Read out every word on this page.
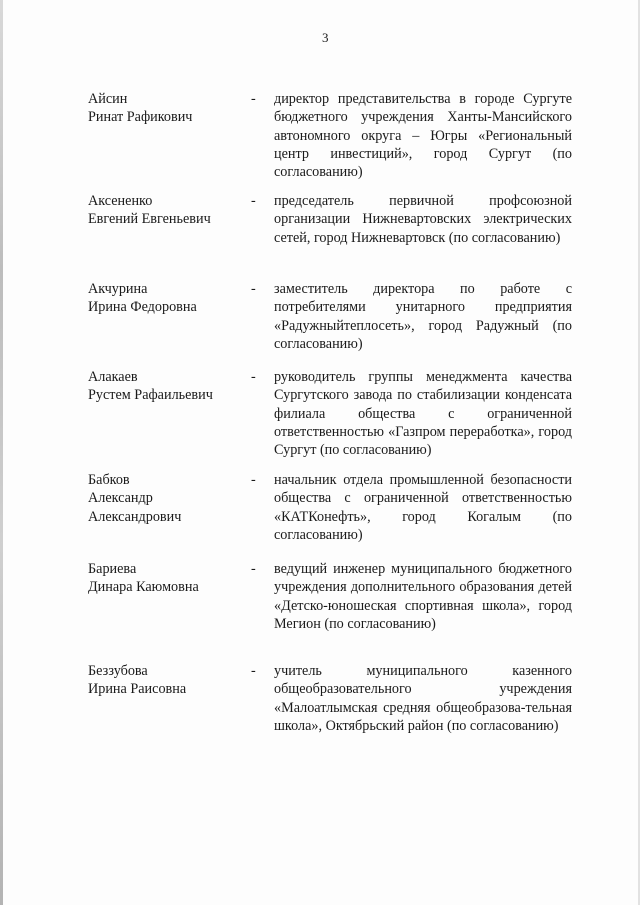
3
Айсин
Ринат Рафикович
- директор представительства в городе Сургуте бюджетного учреждения Ханты-Мансийского автономного округа – Югры «Региональный центр инвестиций», город Сургут (по согласованию)
Аксененко
Евгений Евгеньевич
- председатель первичной профсоюзной организации Нижневартовских электрических сетей, город Нижневартовск (по согласованию)
Акчурина
Ирина Федоровна
- заместитель директора по работе с потребителями унитарного предприятия «Радужныйтеплосеть», город Радужный (по согласованию)
Алакаев
Рустем Рафаильевич
- руководитель группы менеджмента качества Сургутского завода по стабилизации конденсата филиала общества с ограниченной ответственностью «Газпром переработка», город Сургут (по согласованию)
Бабков
Александр
Александрович
- начальник отдела промышленной безопасности общества с ограниченной ответственностью «КАТКонефть», город Когалым (по согласованию)
Бариева
Динара Каюмовна
- ведущий инженер муниципального бюджетного учреждения дополнительного образования детей «Детско-юношеская спортивная школа», город Мегион (по согласованию)
Беззубова
Ирина Раисовна
- учитель муниципального казенного общеобразовательного учреждения «Малоатлымская средняя общеобразова-тельная школа», Октябрьский район (по согласованию)
